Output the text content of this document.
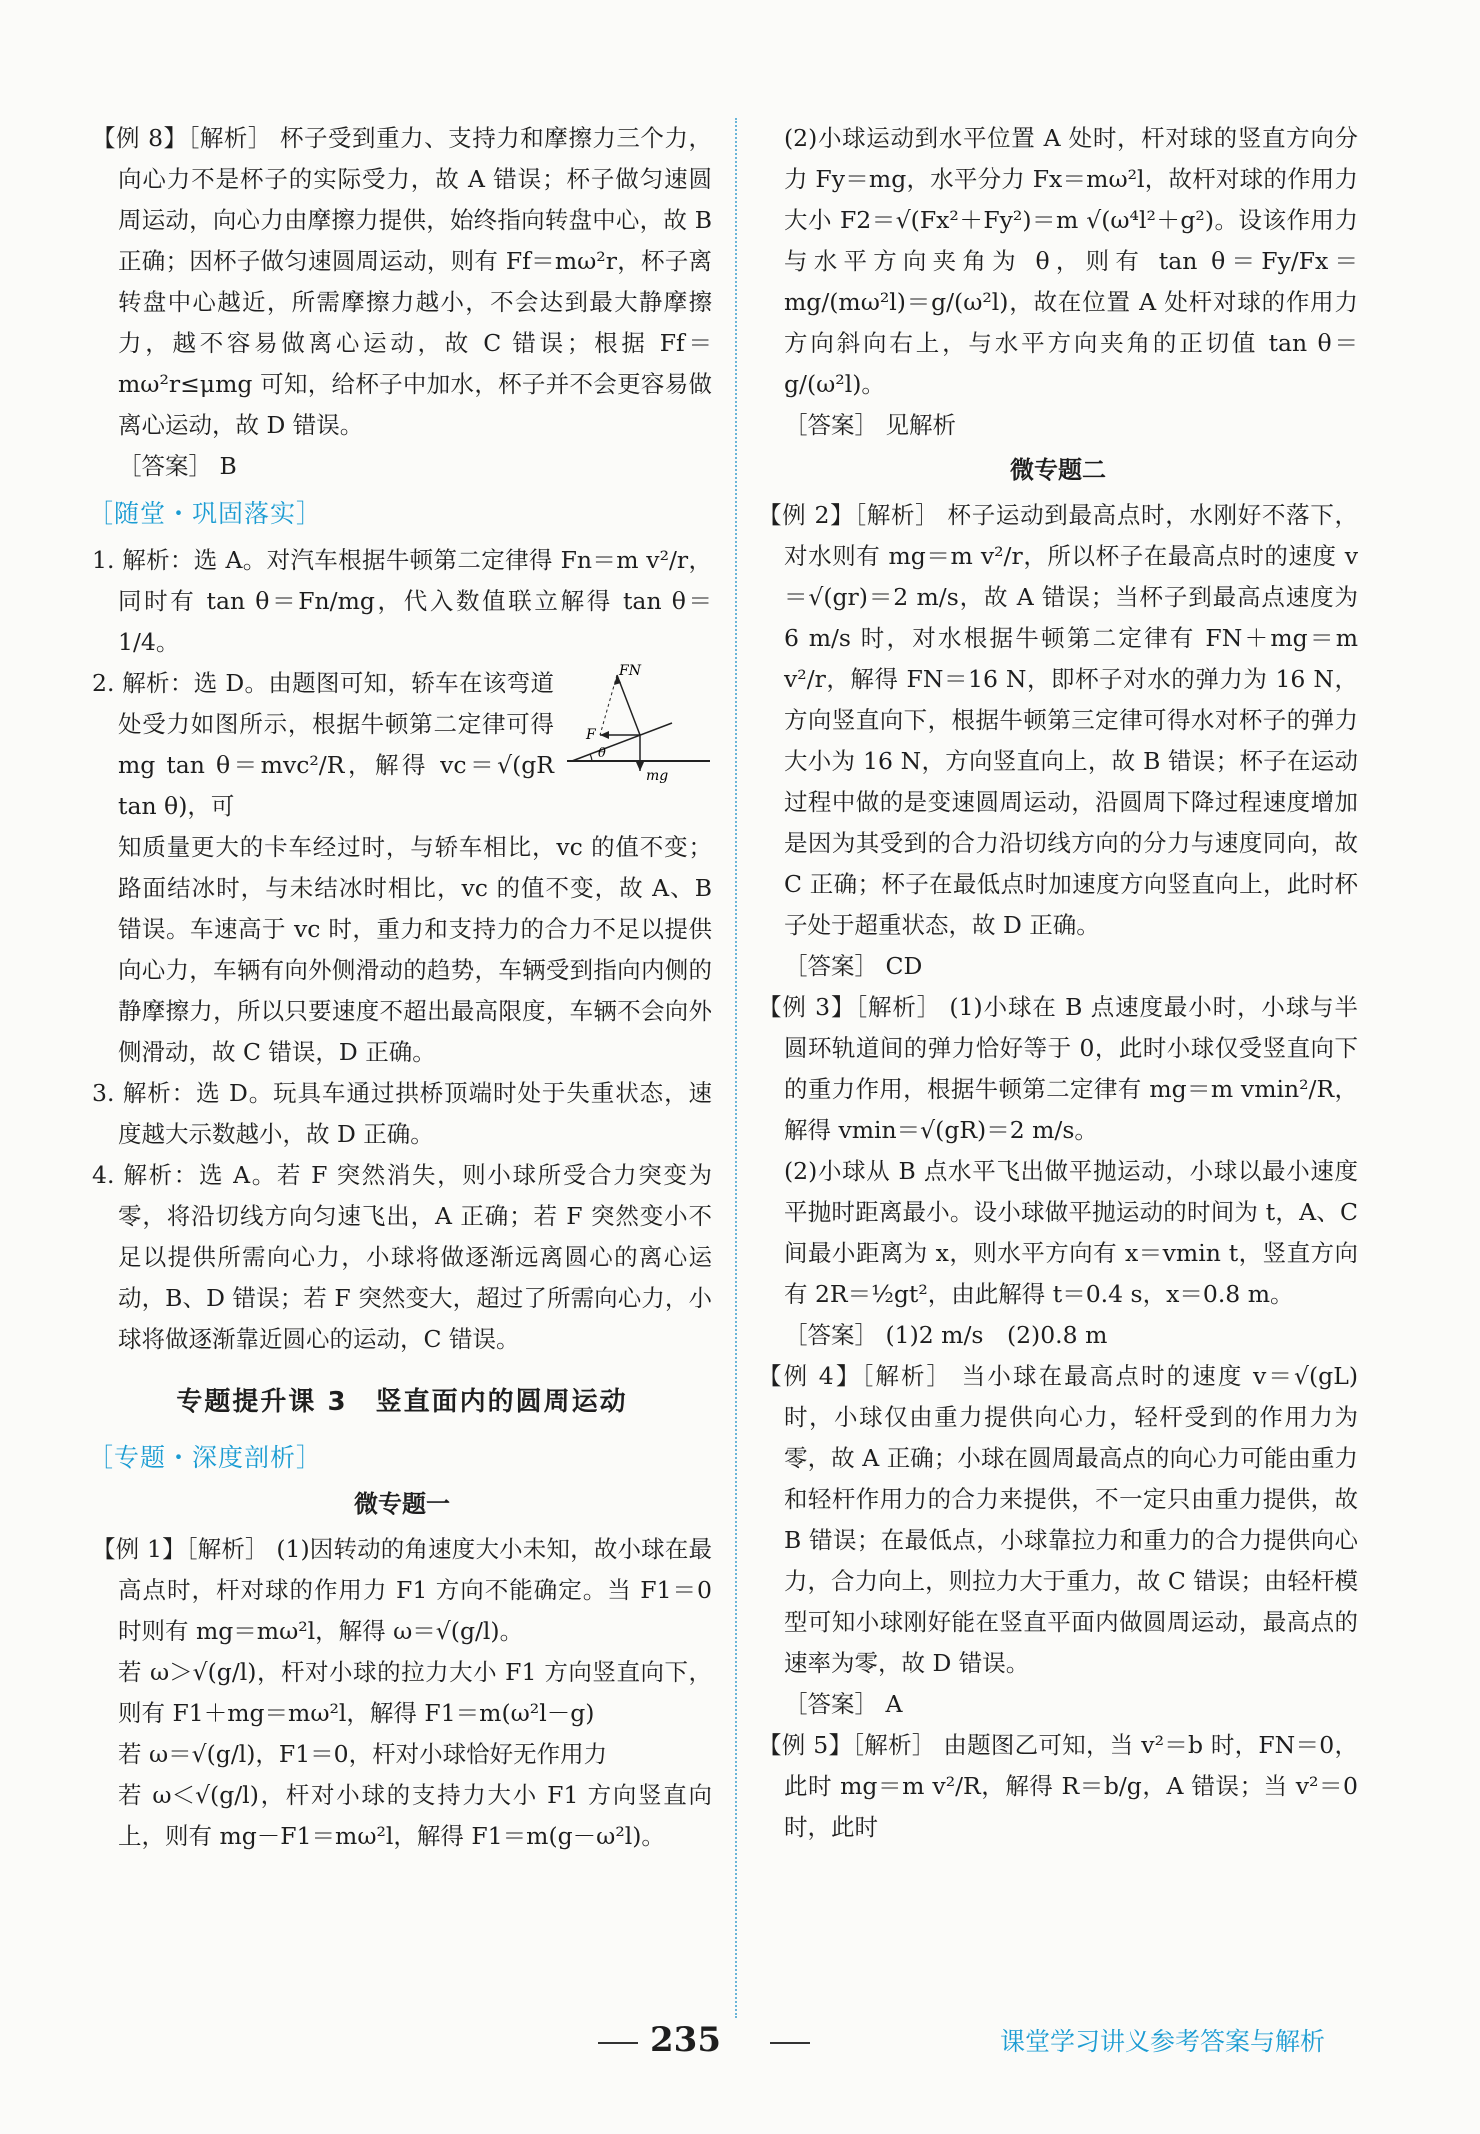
【例 8】［解析］ 杯子受到重力、支持力和摩擦力三个力，向心力不是杯子的实际受力，故 A 错误；杯子做匀速圆周运动，向心力由摩擦力提供，始终指向转盘中心，故 B 正确；因杯子做匀速圆周运动，则有 Ff＝mω²r，杯子离转盘中心越近，所需摩擦力越小，不会达到最大静摩擦力，越不容易做离心运动，故 C 错误；根据 Ff＝mω²r≤μmg 可知，给杯子中加水，杯子并不会更容易做离心运动，故 D 错误。

［答案］ B

［随堂・巩固落实］

1. 解析：选 A。对汽车根据牛顿第二定律得 Fn＝m v²/r，同时有 tan θ＝Fn/mg，代入数值联立解得 tan θ＝1/4。

FN
F
θ
mg

2. 解析：选 D。由题图可知，轿车在该弯道处受力如图所示，根据牛顿第二定律可得 mg tan θ＝mvc²/R，解得 vc＝√(gR tan θ)，可

知质量更大的卡车经过时，与轿车相比，vc 的值不变；路面结冰时，与未结冰时相比，vc 的值不变，故 A、B 错误。车速高于 vc 时，重力和支持力的合力不足以提供向心力，车辆有向外侧滑动的趋势，车辆受到指向内侧的静摩擦力，所以只要速度不超出最高限度，车辆不会向外侧滑动，故 C 错误，D 正确。

3. 解析：选 D。玩具车通过拱桥顶端时处于失重状态，速度越大示数越小，故 D 正确。

4. 解析：选 A。若 F 突然消失，则小球所受合力突变为零，将沿切线方向匀速飞出，A 正确；若 F 突然变小不足以提供所需向心力，小球将做逐渐远离圆心的离心运动，B、D 错误；若 F 突然变大，超过了所需向心力，小球将做逐渐靠近圆心的运动，C 错误。

专题提升课 3　竖直面内的圆周运动
［专题・深度剖析］
微专题一

【例 1】［解析］ (1)因转动的角速度大小未知，故小球在最高点时，杆对球的作用力 F1 方向不能确定。当 F1＝0 时则有 mg＝mω²l，解得 ω＝√(g/l)。

若 ω＞√(g/l)，杆对小球的拉力大小 F1 方向竖直向下，则有 F1＋mg＝mω²l，解得 F1＝m(ω²l－g)

若 ω＝√(g/l)，F1＝0，杆对小球恰好无作用力

若 ω＜√(g/l)，杆对小球的支持力大小 F1 方向竖直向上，则有 mg－F1＝mω²l，解得 F1＝m(g－ω²l)。

(2)小球运动到水平位置 A 处时，杆对球的竖直方向分力 Fy＝mg，水平分力 Fx＝mω²l，故杆对球的作用力大小 F2＝√(Fx²＋Fy²)＝m √(ω⁴l²＋g²)。设该作用力与水平方向夹角为 θ，则有 tan θ＝Fy/Fx＝mg/(mω²l)＝g/(ω²l)，故在位置 A 处杆对球的作用力方向斜向右上，与水平方向夹角的正切值 tan θ＝g/(ω²l)。

［答案］ 见解析

微专题二

【例 2】［解析］ 杯子运动到最高点时，水刚好不落下，对水则有 mg＝m v²/r，所以杯子在最高点时的速度 v＝√(gr)＝2 m/s，故 A 错误；当杯子到最高点速度为 6 m/s 时，对水根据牛顿第二定律有 FN＋mg＝m v²/r，解得 FN＝16 N，即杯子对水的弹力为 16 N，方向竖直向下，根据牛顿第三定律可得水对杯子的弹力大小为 16 N，方向竖直向上，故 B 错误；杯子在运动过程中做的是变速圆周运动，沿圆周下降过程速度增加是因为其受到的合力沿切线方向的分力与速度同向，故 C 正确；杯子在最低点时加速度方向竖直向上，此时杯子处于超重状态，故 D 正确。

［答案］ CD

【例 3】［解析］ (1)小球在 B 点速度最小时，小球与半圆环轨道间的弹力恰好等于 0，此时小球仅受竖直向下的重力作用，根据牛顿第二定律有 mg＝m vmin²/R，解得 vmin＝√(gR)＝2 m/s。

(2)小球从 B 点水平飞出做平抛运动，小球以最小速度平抛时距离最小。设小球做平抛运动的时间为 t，A、C 间最小距离为 x，则水平方向有 x＝vmin t，竖直方向有 2R＝½gt²，由此解得 t＝0.4 s，x＝0.8 m。

［答案］ (1)2 m/s　(2)0.8 m

【例 4】［解析］ 当小球在最高点时的速度 v＝√(gL) 时，小球仅由重力提供向心力，轻杆受到的作用力为零，故 A 正确；小球在圆周最高点的向心力可能由重力和轻杆作用力的合力来提供，不一定只由重力提供，故 B 错误；在最低点，小球靠拉力和重力的合力提供向心力，合力向上，则拉力大于重力，故 C 错误；由轻杆模型可知小球刚好能在竖直平面内做圆周运动，最高点的速率为零，故 D 错误。

［答案］ A

【例 5】［解析］ 由题图乙可知，当 v²＝b 时，FN＝0，此时 mg＝m v²/R，解得 R＝b/g，A 错误；当 v²＝0 时，此时

235	课堂学习讲义参考答案与解析
